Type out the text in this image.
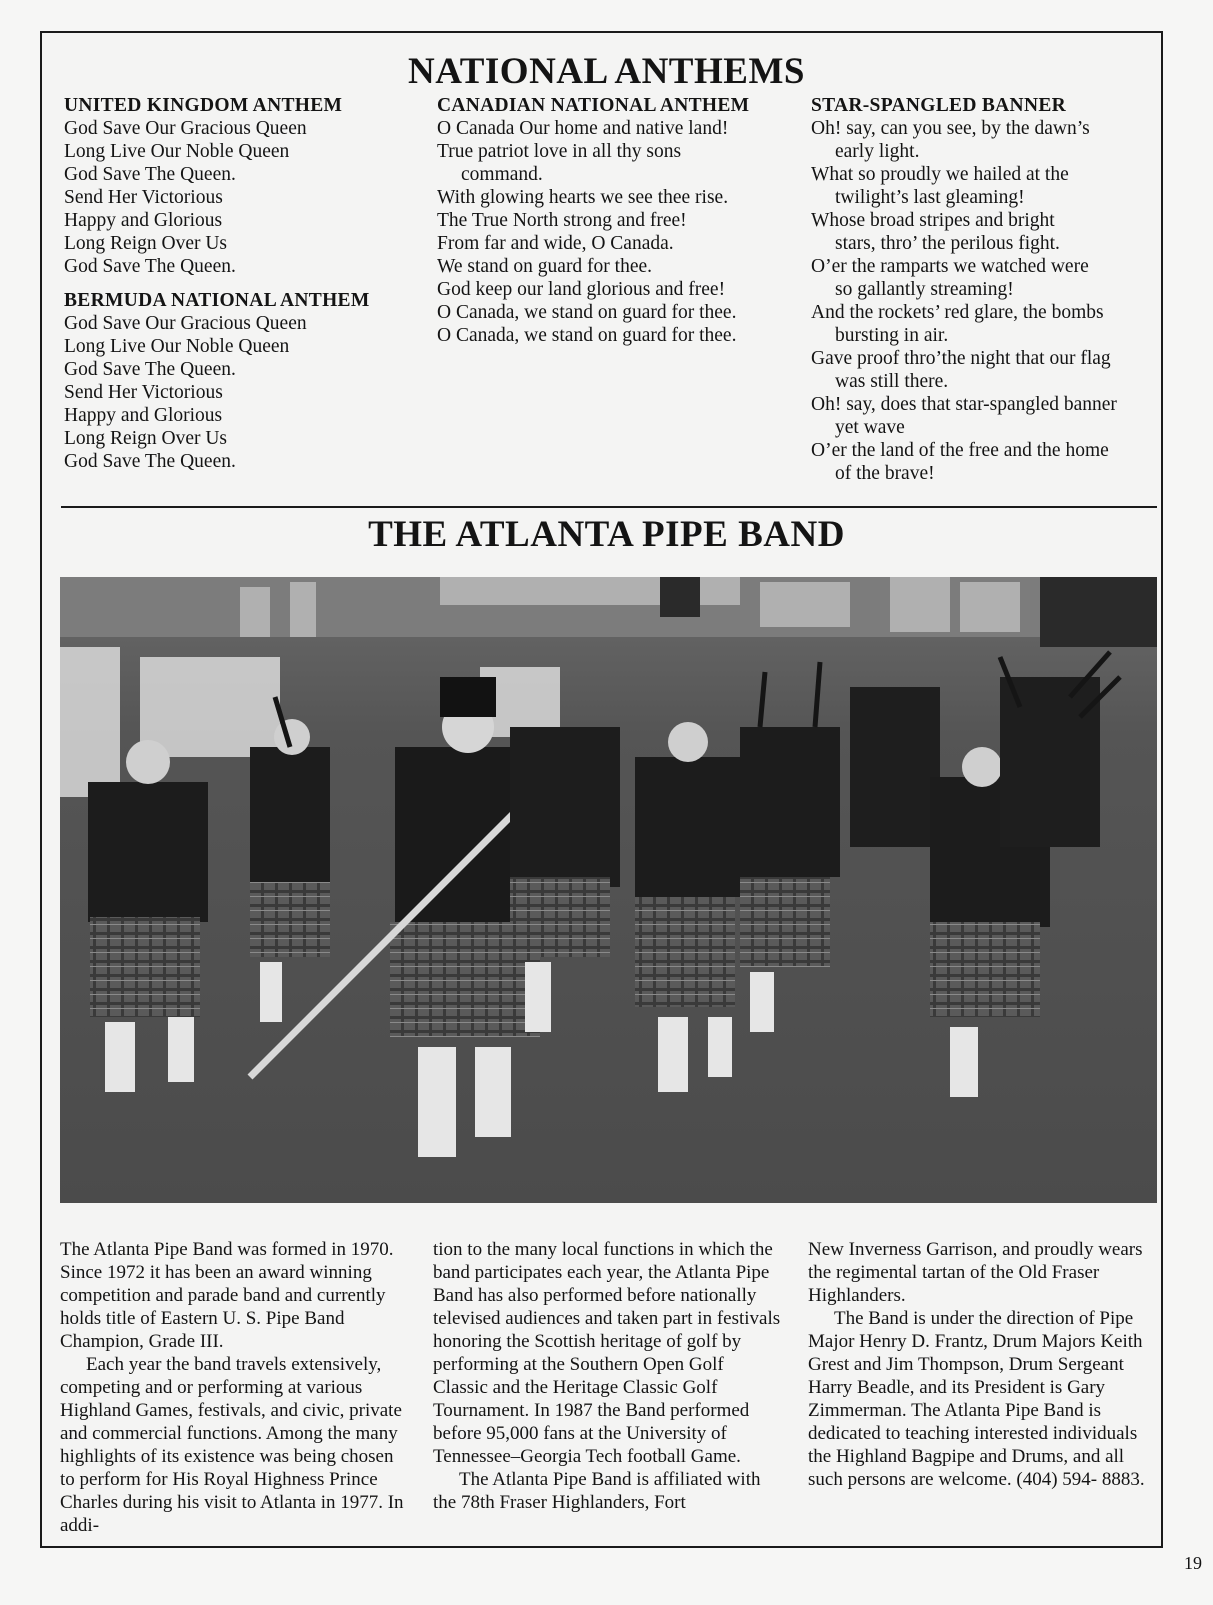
NATIONAL ANTHEMS
UNITED KINGDOM ANTHEM
God Save Our Gracious Queen
Long Live Our Noble Queen
God Save The Queen.
Send Her Victorious
Happy and Glorious
Long Reign Over Us
God Save The Queen.
BERMUDA NATIONAL ANTHEM
God Save Our Gracious Queen
Long Live Our Noble Queen
God Save The Queen.
Send Her Victorious
Happy and Glorious
Long Reign Over Us
God Save The Queen.
CANADIAN NATIONAL ANTHEM
O Canada Our home and native land!
True patriot love in all thy sons
command.
With glowing hearts we see thee rise.
The True North strong and free!
From far and wide, O Canada.
We stand on guard for thee.
God keep our land glorious and free!
O Canada, we stand on guard for thee.
O Canada, we stand on guard for thee.
STAR-SPANGLED BANNER
Oh! say, can you see, by the dawn’s
early light.
What so proudly we hailed at the
twilight’s last gleaming!
Whose broad stripes and bright
stars, thro’ the perilous fight.
O’er the ramparts we watched were
so gallantly streaming!
And the rockets’ red glare, the bombs
bursting in air.
Gave proof thro’the night that our flag
was still there.
Oh! say, does that star-spangled banner
yet wave
O’er the land of the free and the home
of the brave!
THE ATLANTA PIPE BAND

The Atlanta Pipe Band was formed in 1970. Since 1972 it has been an award winning competition and parade band and currently holds title of Eastern U. S. Pipe Band Champion, Grade III.

Each year the band travels extensively, competing and or performing at various Highland Games, festivals, and civic, private and commercial functions. Among the many highlights of its existence was being chosen to perform for His Royal Highness Prince Charles during his visit to Atlanta in 1977. In addi-

tion to the many local functions in which the band participates each year, the Atlanta Pipe Band has also performed before nationally televised audiences and taken part in festivals honoring the Scottish heritage of golf by performing at the Southern Open Golf Classic and the Heritage Classic Golf Tournament. In 1987 the Band performed before 95,000 fans at the University of Tennessee–Georgia Tech football Game.

The Atlanta Pipe Band is affiliated with the 78th Fraser Highlanders, Fort

New Inverness Garrison, and proudly wears the regimental tartan of the Old Fraser Highlanders.

The Band is under the direction of Pipe Major Henry D. Frantz, Drum Majors Keith Grest and Jim Thompson, Drum Sergeant Harry Beadle, and its President is Gary Zimmerman. The Atlanta Pipe Band is dedicated to teaching interested individuals the Highland Bagpipe and Drums, and all such persons are welcome. (404) 594- 8883.

19
